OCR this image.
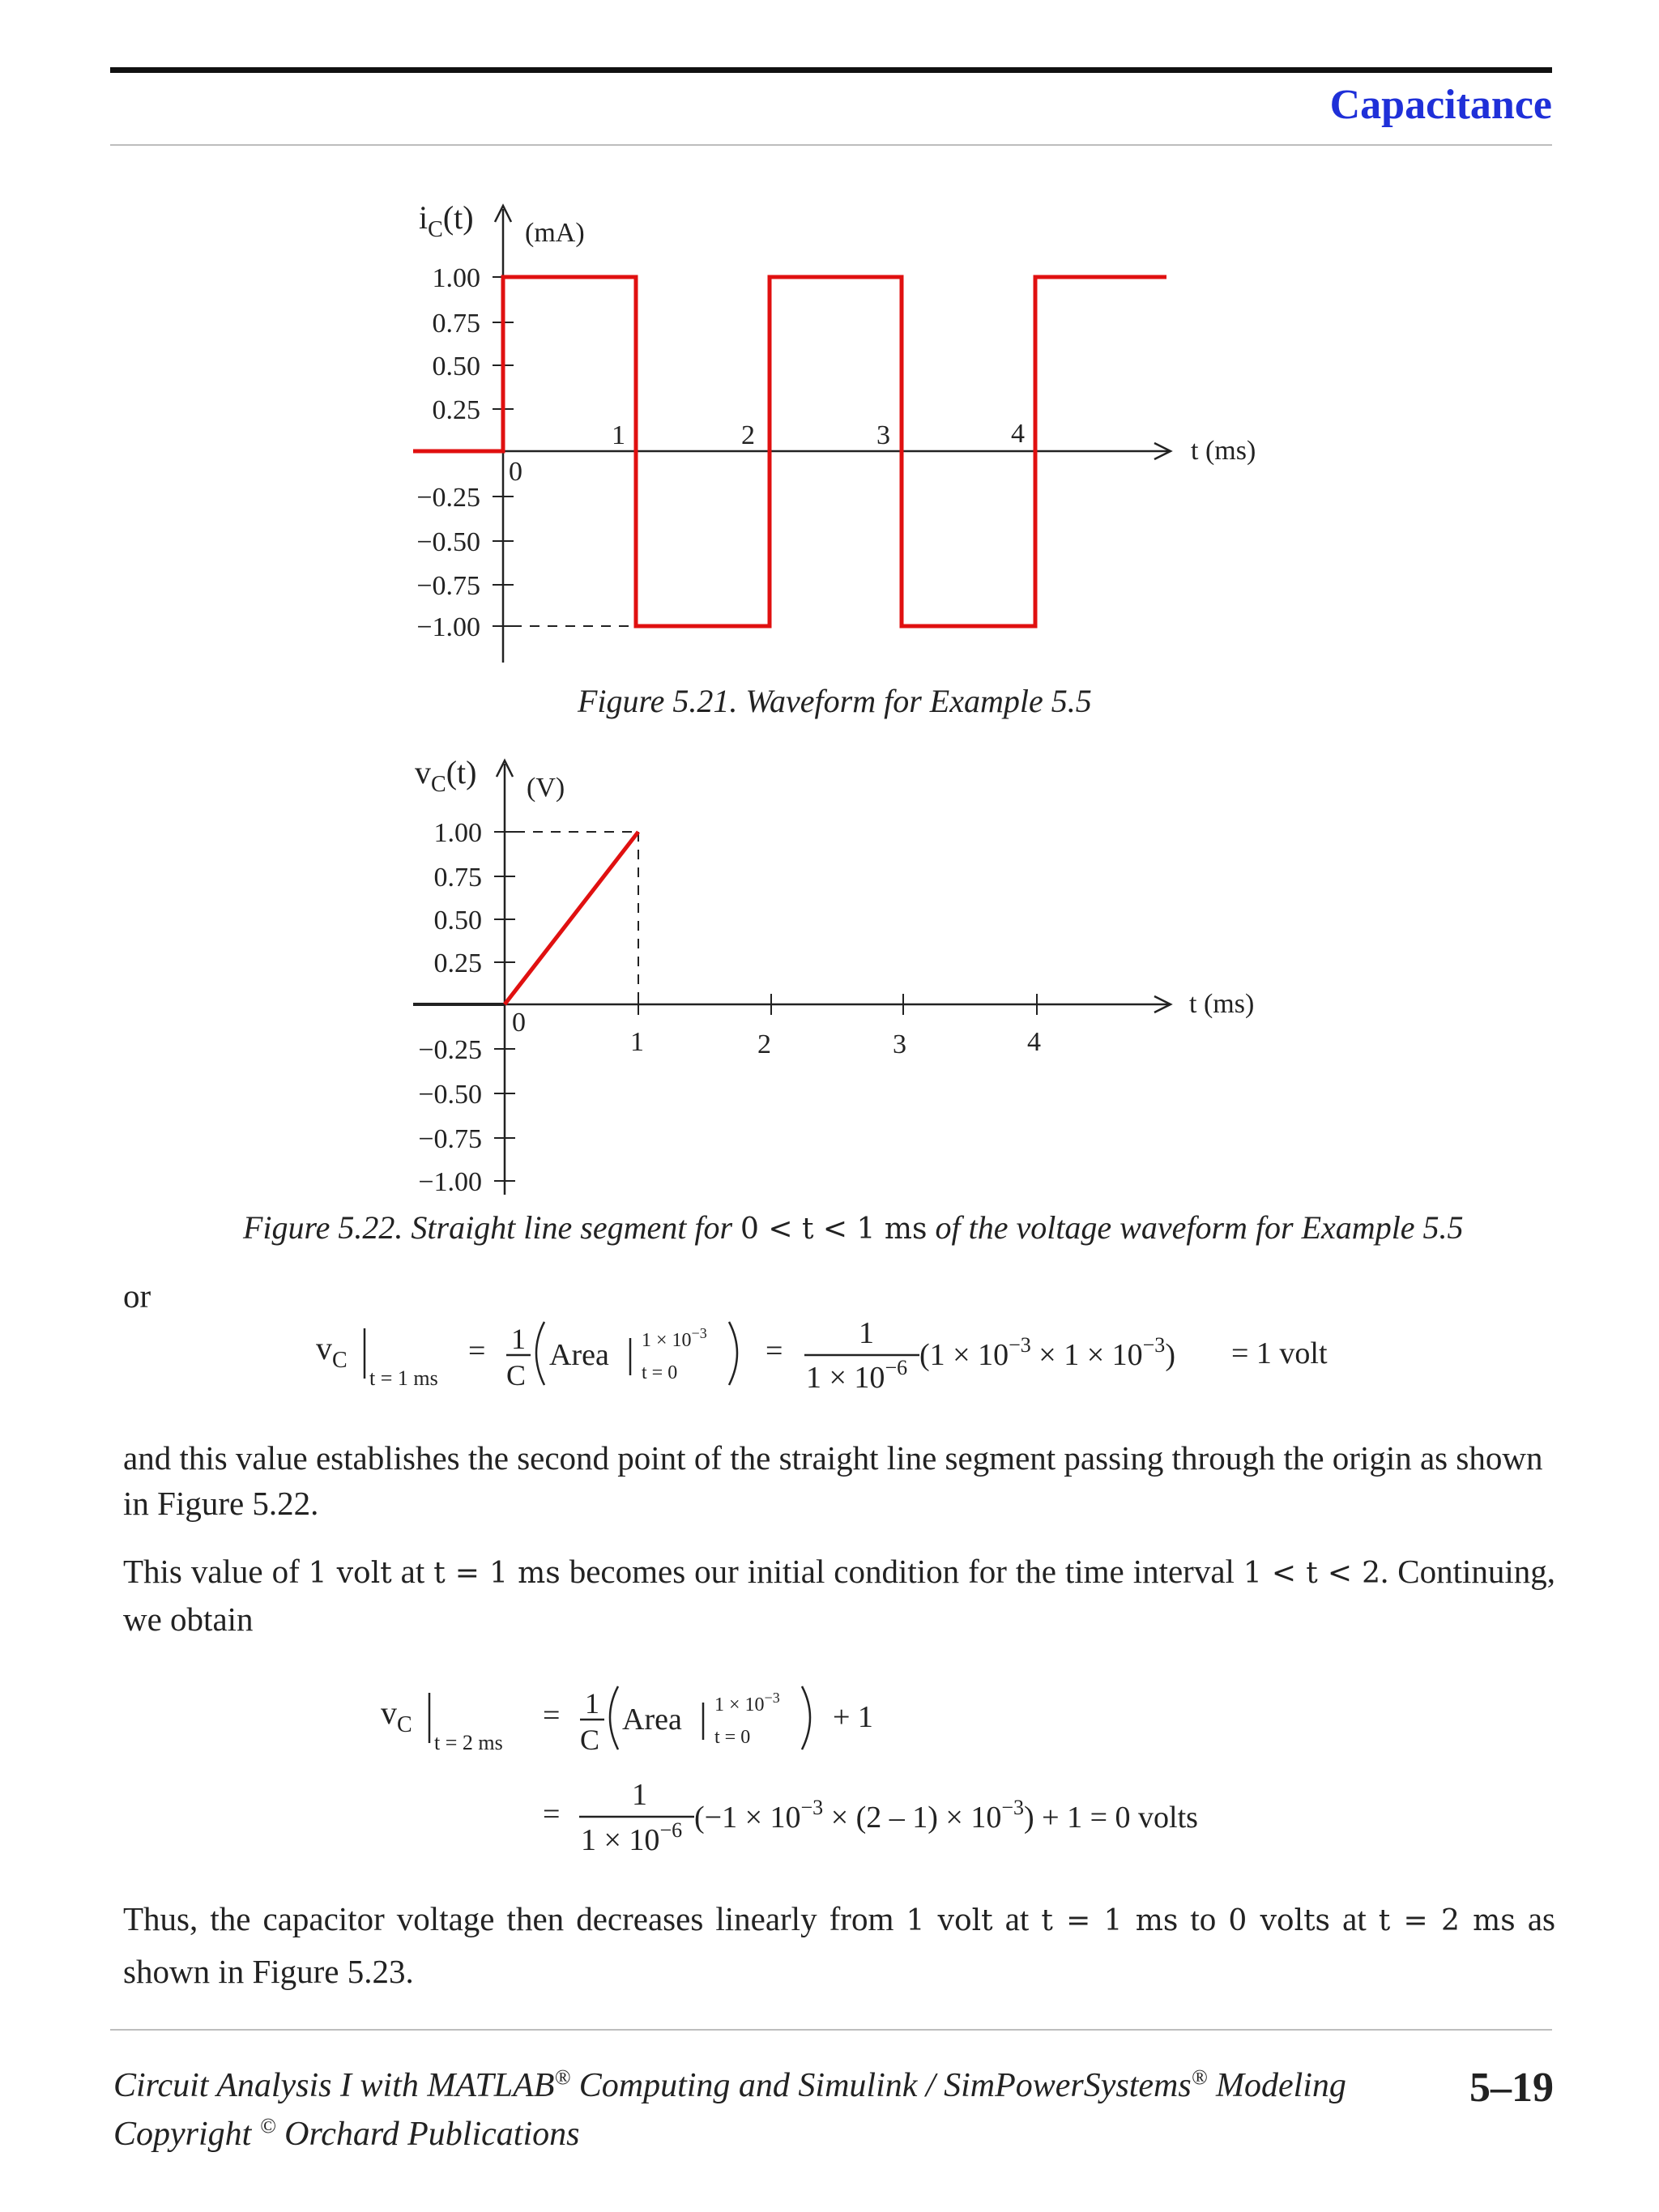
Capacitance
$i_C(t)$ (mA)
t (ms)
0
1.00
0.75
0.50
0.25
−0.25
−0.50
−0.75
−1.00
1	2	3	4
Figure 5.21. Waveform for Example 5.5
$v_C(t)$ (V)
t (ms)
0
1.00
0.75
0.50
0.25
−0.25
−0.50
−0.75
−1.00
1	2	3	4
Figure 5.22. Straight line segment for 0 < t < 1 ms of the voltage waveform for Example 5.5
or
$v_C$
t = 1 ms
= 1
C
Area $1 \times 10^{-3}$
t = 0
=
1
$1 \times 10^{-6}$ $(1 \times 10^{-3} \times 1 \times 10^{-3}) = 1$ volt
and this value establishes the second point of the straight line segment passing through the origin as shown in Figure 5.22.
This value of 1 volt at t = 1 ms becomes our initial condition for the time interval 1 < t < 2. Continuing, we obtain
$v_C$
t = 2 ms
= 1
C
Area $1 \times 10^{-3}$
t = 0
+ 1
=
1
$1 \times 10^{-6}$ $(-1 \times 10^{-3} \times (2 - 1) \times 10^{-3}) + 1 = 0$ volts
Thus, the capacitor voltage then decreases linearly from 1 volt at t = 1 ms to 0 volts at t = 2 ms as shown in Figure 5.23.
Circuit Analysis I with MATLAB® Computing and Simulink / SimPowerSystems® Modeling
Copyright © Orchard Publications
5–19
